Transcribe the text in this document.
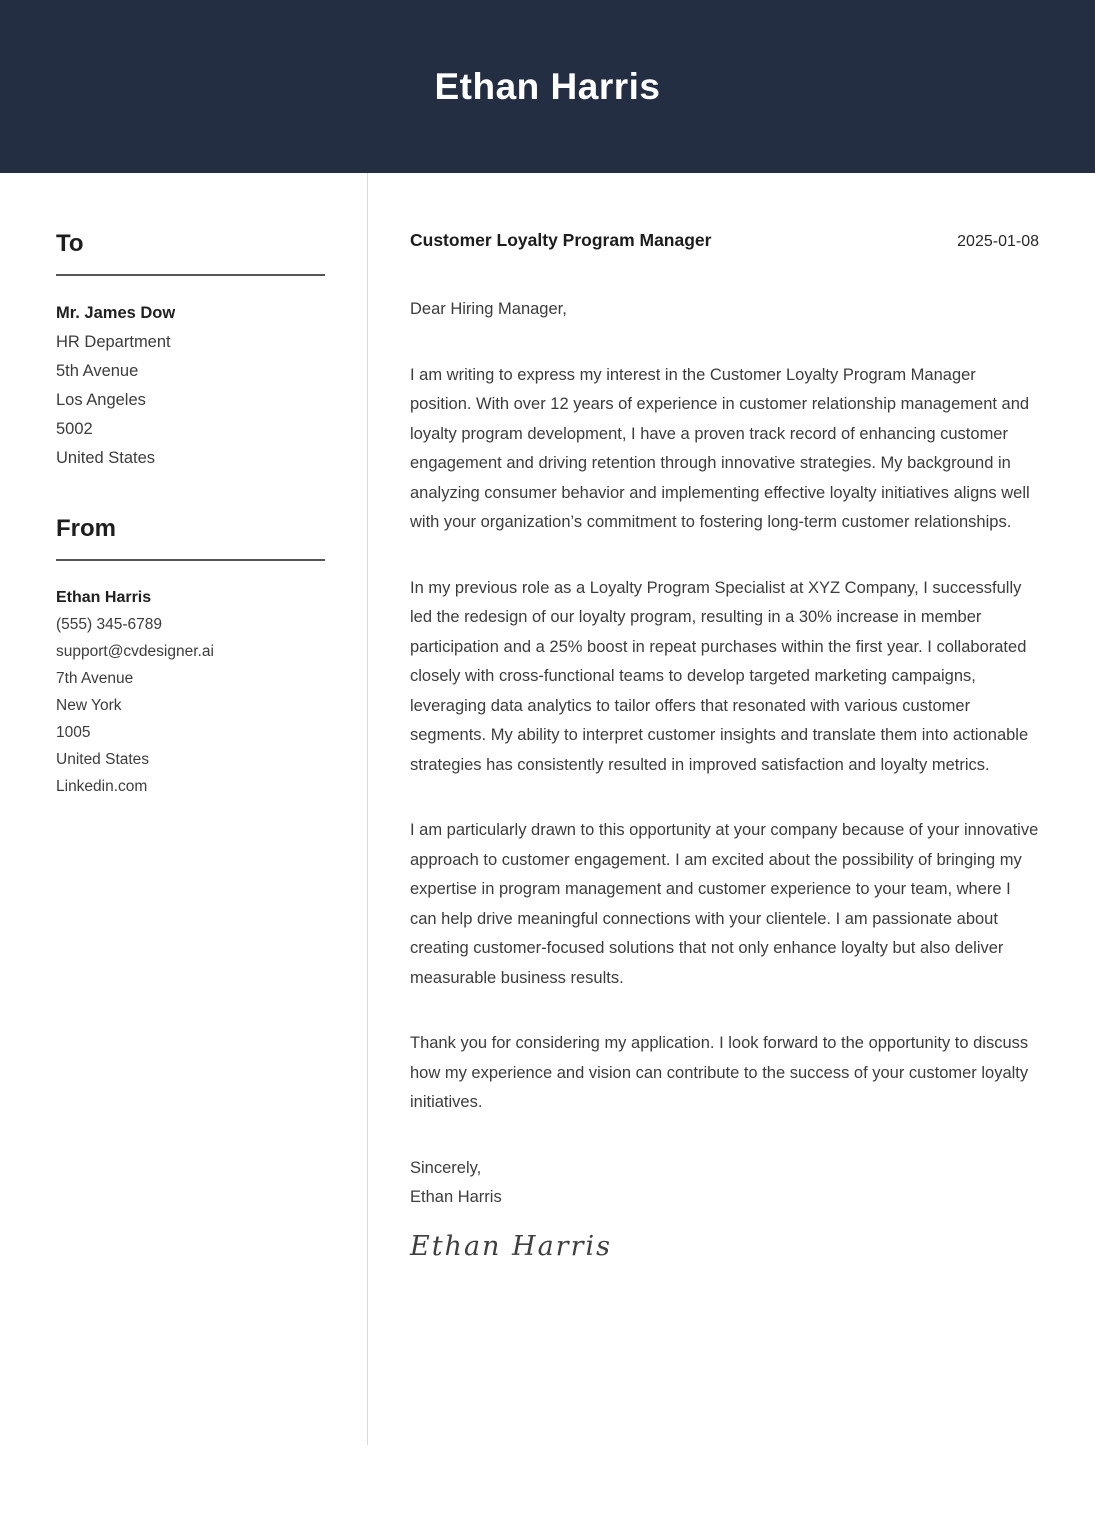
Ethan Harris
To

Mr. James Dow

HR Department

5th Avenue

Los Angeles

5002

United States

From

Ethan Harris

(555) 345-6789

support@cvdesigner.ai

7th Avenue

New York

1005

United States

Linkedin.com

Customer Loyalty Program Manager	2025-01-08

Dear Hiring Manager,

I am writing to express my interest in the Customer Loyalty Program Manager position. With over 12 years of experience in customer relationship management and loyalty program development, I have a proven track record of enhancing customer engagement and driving retention through innovative strategies. My background in analyzing consumer behavior and implementing effective loyalty initiatives aligns well with your organization’s commitment to fostering long-term customer relationships.

In my previous role as a Loyalty Program Specialist at XYZ Company, I successfully led the redesign of our loyalty program, resulting in a 30% increase in member participation and a 25% boost in repeat purchases within the first year. I collaborated closely with cross-functional teams to develop targeted marketing campaigns, leveraging data analytics to tailor offers that resonated with various customer segments. My ability to interpret customer insights and translate them into actionable strategies has consistently resulted in improved satisfaction and loyalty metrics.

I am particularly drawn to this opportunity at your company because of your innovative approach to customer engagement. I am excited about the possibility of bringing my expertise in program management and customer experience to your team, where I can help drive meaningful connections with your clientele. I am passionate about creating customer-focused solutions that not only enhance loyalty but also deliver measurable business results.

Thank you for considering my application. I look forward to the opportunity to discuss how my experience and vision can contribute to the success of your customer loyalty initiatives.

Sincerely,

Ethan Harris

Ethan Harris
